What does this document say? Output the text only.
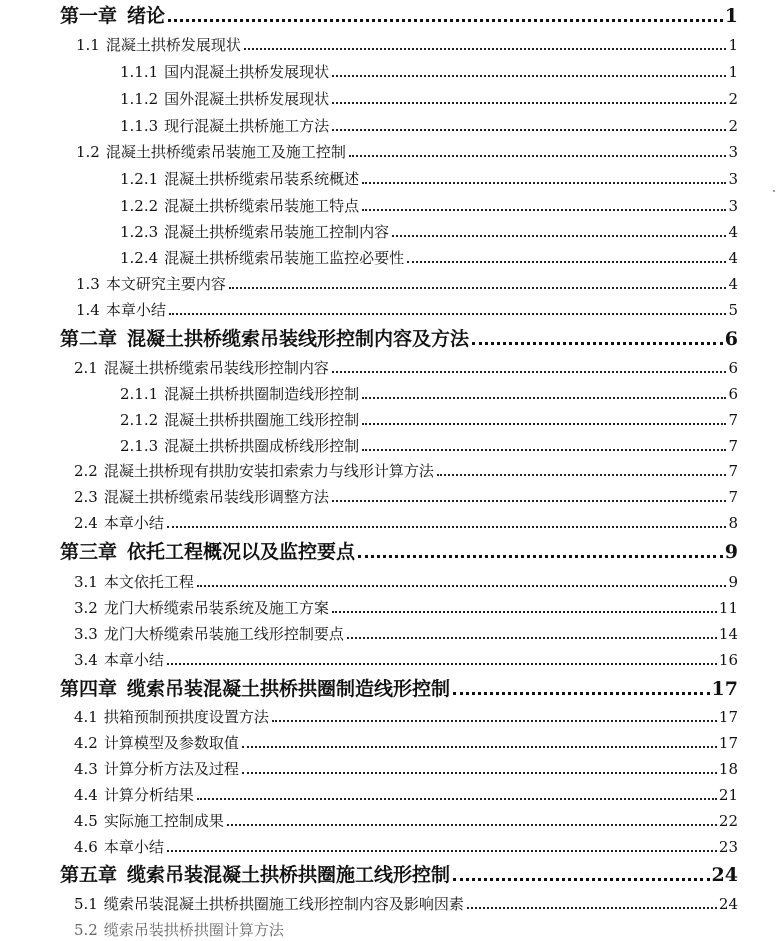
第一章 绪论	1
1.1 混凝土拱桥发展现状	1
1.1.1 国内混凝土拱桥发展现状	1
1.1.2 国外混凝土拱桥发展现状	2
1.1.3 现行混凝土拱桥施工方法	2
1.2 混凝土拱桥缆索吊装施工及施工控制	3
1.2.1 混凝土拱桥缆索吊装系统概述	3
1.2.2 混凝土拱桥缆索吊装施工特点	3
1.2.3 混凝土拱桥缆索吊装施工控制内容	4
1.2.4 混凝土拱桥缆索吊装施工监控必要性	4
1.3 本文研究主要内容	4
1.4 本章小结	5
第二章 混凝土拱桥缆索吊装线形控制内容及方法	6
2.1 混凝土拱桥缆索吊装线形控制内容	6
2.1.1 混凝土拱桥拱圈制造线形控制	6
2.1.2 混凝土拱桥拱圈施工线形控制	7
2.1.3 混凝土拱桥拱圈成桥线形控制	7
2.2 混凝土拱桥现有拱肋安装扣索索力与线形计算方法	7
2.3 混凝土拱桥缆索吊装线形调整方法	7
2.4 本章小结	8
第三章 依托工程概况以及监控要点	9
3.1 本文依托工程	9
3.2 龙门大桥缆索吊装系统及施工方案	11
3.3 龙门大桥缆索吊装施工线形控制要点	14
3.4 本章小结	16
第四章 缆索吊装混凝土拱桥拱圈制造线形控制	17
4.1 拱箱预制预拱度设置方法	17
4.2 计算模型及参数取值	17
4.3 计算分析方法及过程	18
4.4 计算分析结果	21
4.5 实际施工控制成果	22
4.6 本章小结	23
第五章 缆索吊装混凝土拱桥拱圈施工线形控制	24
5.1 缆索吊装混凝土拱桥拱圈施工线形控制内容及影响因素	24
5.2 缆索吊装拱桥拱圈计算方法
